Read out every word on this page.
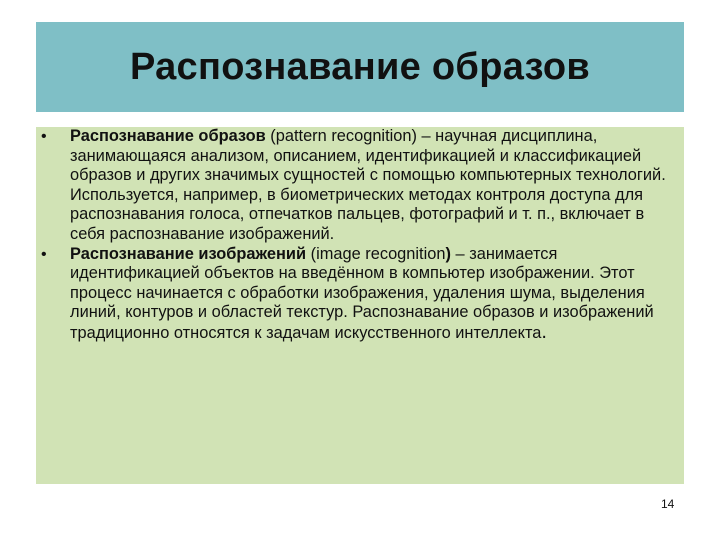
Распознавание образов
• Распознавание образов (pattern recognition) – научная дисциплина, занимающаяся анализом, описанием, идентификацией и классификацией образов и других значимых сущностей с помощью компьютерных технологий. Используется, например, в биометрических методах контроля доступа для распознавания голоса, отпечатков пальцев, фотографий и т. п., включает в себя распознавание изображений.
• Распознавание изображений (image recognition) – занимается идентификацией объектов на введённом в компьютер изображении. Этот процесс начинается с обработки изображения, удаления шума, выделения линий, контуров и областей текстур. Распознавание образов и изображений традиционно относятся к задачам искусственного интеллекта.
14
